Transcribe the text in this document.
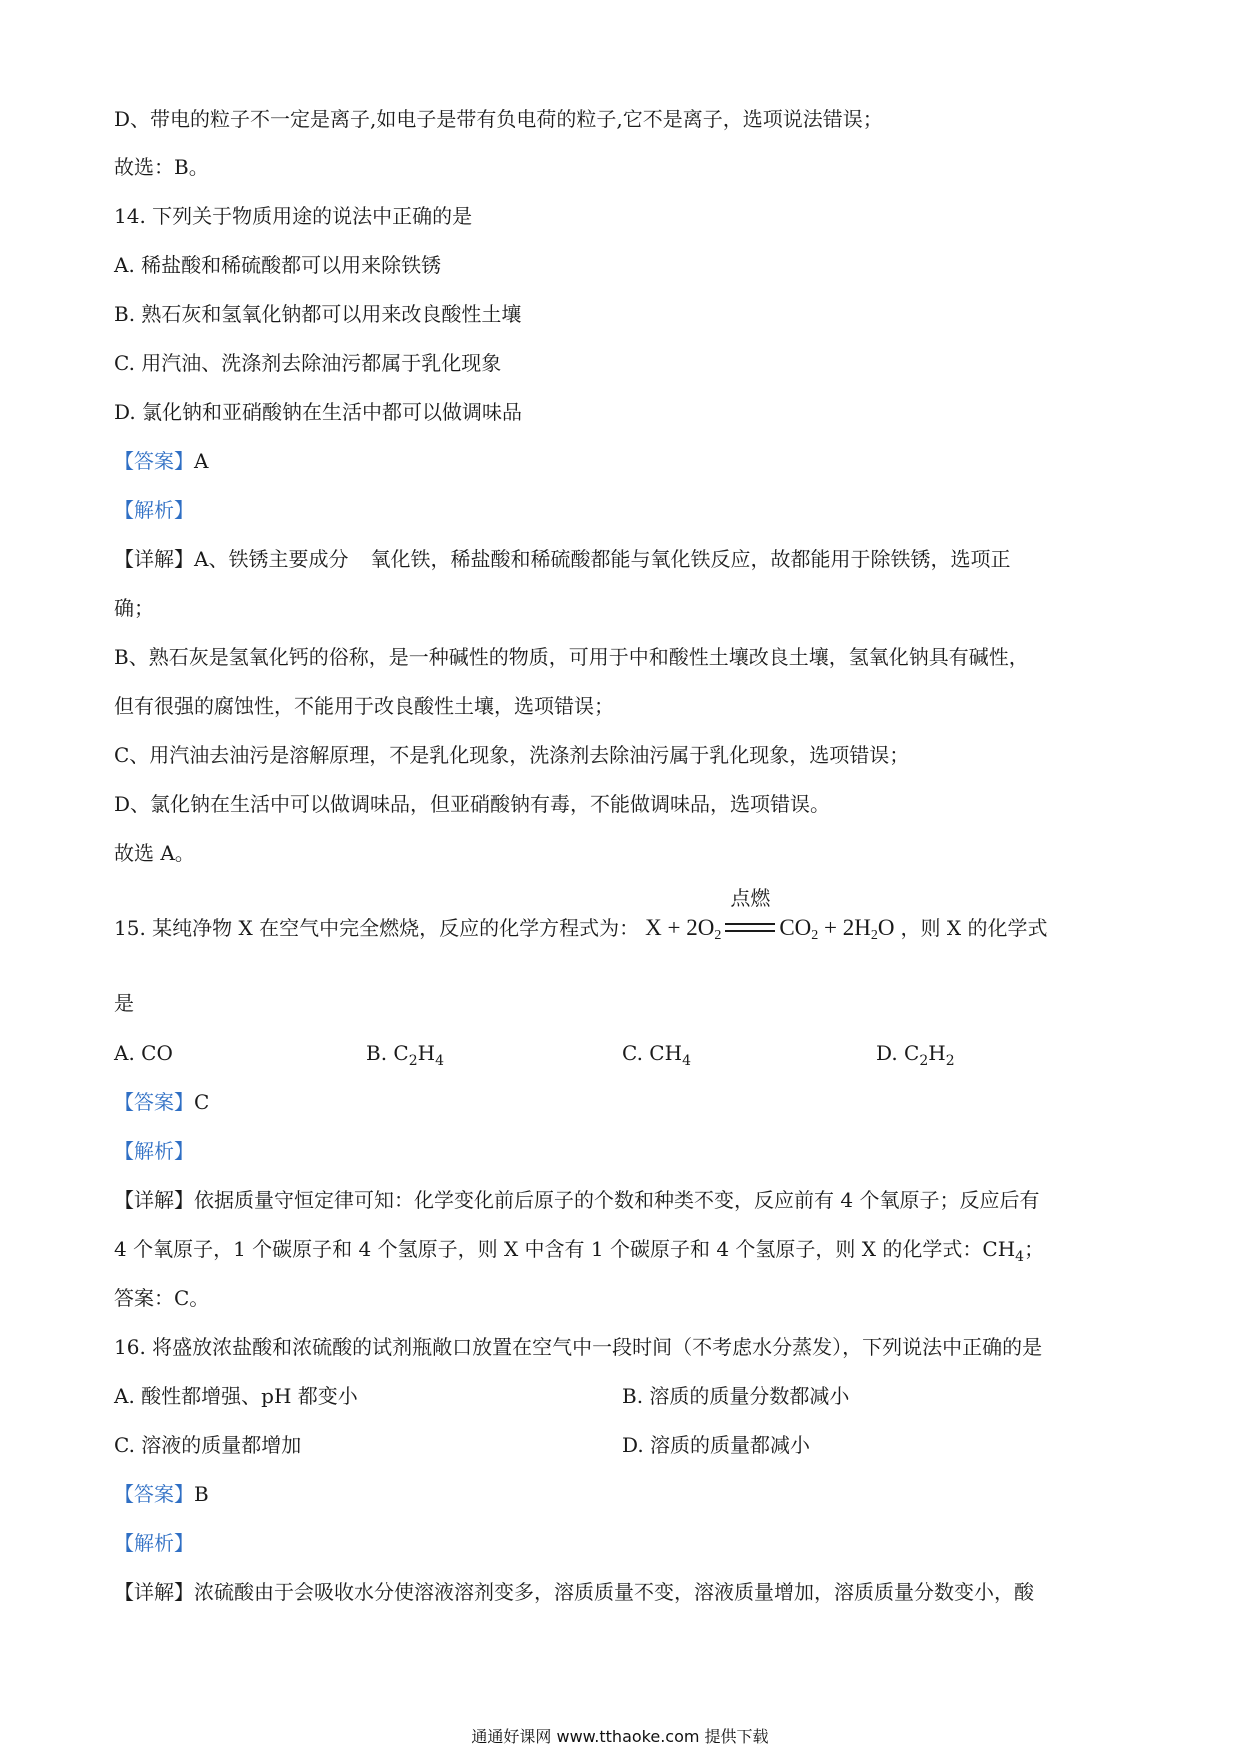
D、带电的粒子不一定是离子,如电子是带有负电荷的粒子,它不是离子，选项说法错误；
故选：B。
14. 下列关于物质用途的说法中正确的是
A. 稀盐酸和稀硫酸都可以用来除铁锈
B. 熟石灰和氢氧化钠都可以用来改良酸性土壤
C. 用汽油、洗涤剂去除油污都属于乳化现象
D. 氯化钠和亚硝酸钠在生活中都可以做调味品
【答案】A
【解析】
【详解】A、铁锈主要成分 氧化铁，稀盐酸和稀硫酸都能与氧化铁反应，故都能用于除铁锈，选项正
确；
B、熟石灰是氢氧化钙的俗称，是一种碱性的物质，可用于中和酸性土壤改良土壤，氢氧化钠具有碱性，
但有很强的腐蚀性，不能用于改良酸性土壤，选项错误；
C、用汽油去油污是溶解原理，不是乳化现象，洗涤剂去除油污属于乳化现象，选项错误；
D、氯化钠在生活中可以做调味品，但亚硝酸钠有毒，不能做调味品，选项错误。
故选 A。
15. 某纯净物 X 在空气中完全燃烧，反应的化学方程式为： $X + 2O_2$
点燃
$CO_2 + 2H_2O$ ，则 X 的化学式
是
A. CO	B. $C_2H_4$	C. $CH_4$	D. $C_2H_2$
【答案】C
【解析】
【详解】依据质量守恒定律可知：化学变化前后原子的个数和种类不变，反应前有 4 个氧原子；反应后有
4 个氧原子，1 个碳原子和 4 个氢原子，则 X 中含有 1 个碳原子和 4 个氢原子，则 X 的化学式：$CH_4$；
答案：C。
16. 将盛放浓盐酸和浓硫酸的试剂瓶敞口放置在空气中一段时间（不考虑水分蒸发），下列说法中正确的是
A. 酸性都增强、pH 都变小	B. 溶质的质量分数都减小
C. 溶液的质量都增加	D. 溶质的质量都减小
【答案】B
【解析】
【详解】浓硫酸由于会吸收水分使溶液溶剂变多，溶质质量不变，溶液质量增加，溶质质量分数变小，酸
通通好课网 www.tthaoke.com 提供下载
